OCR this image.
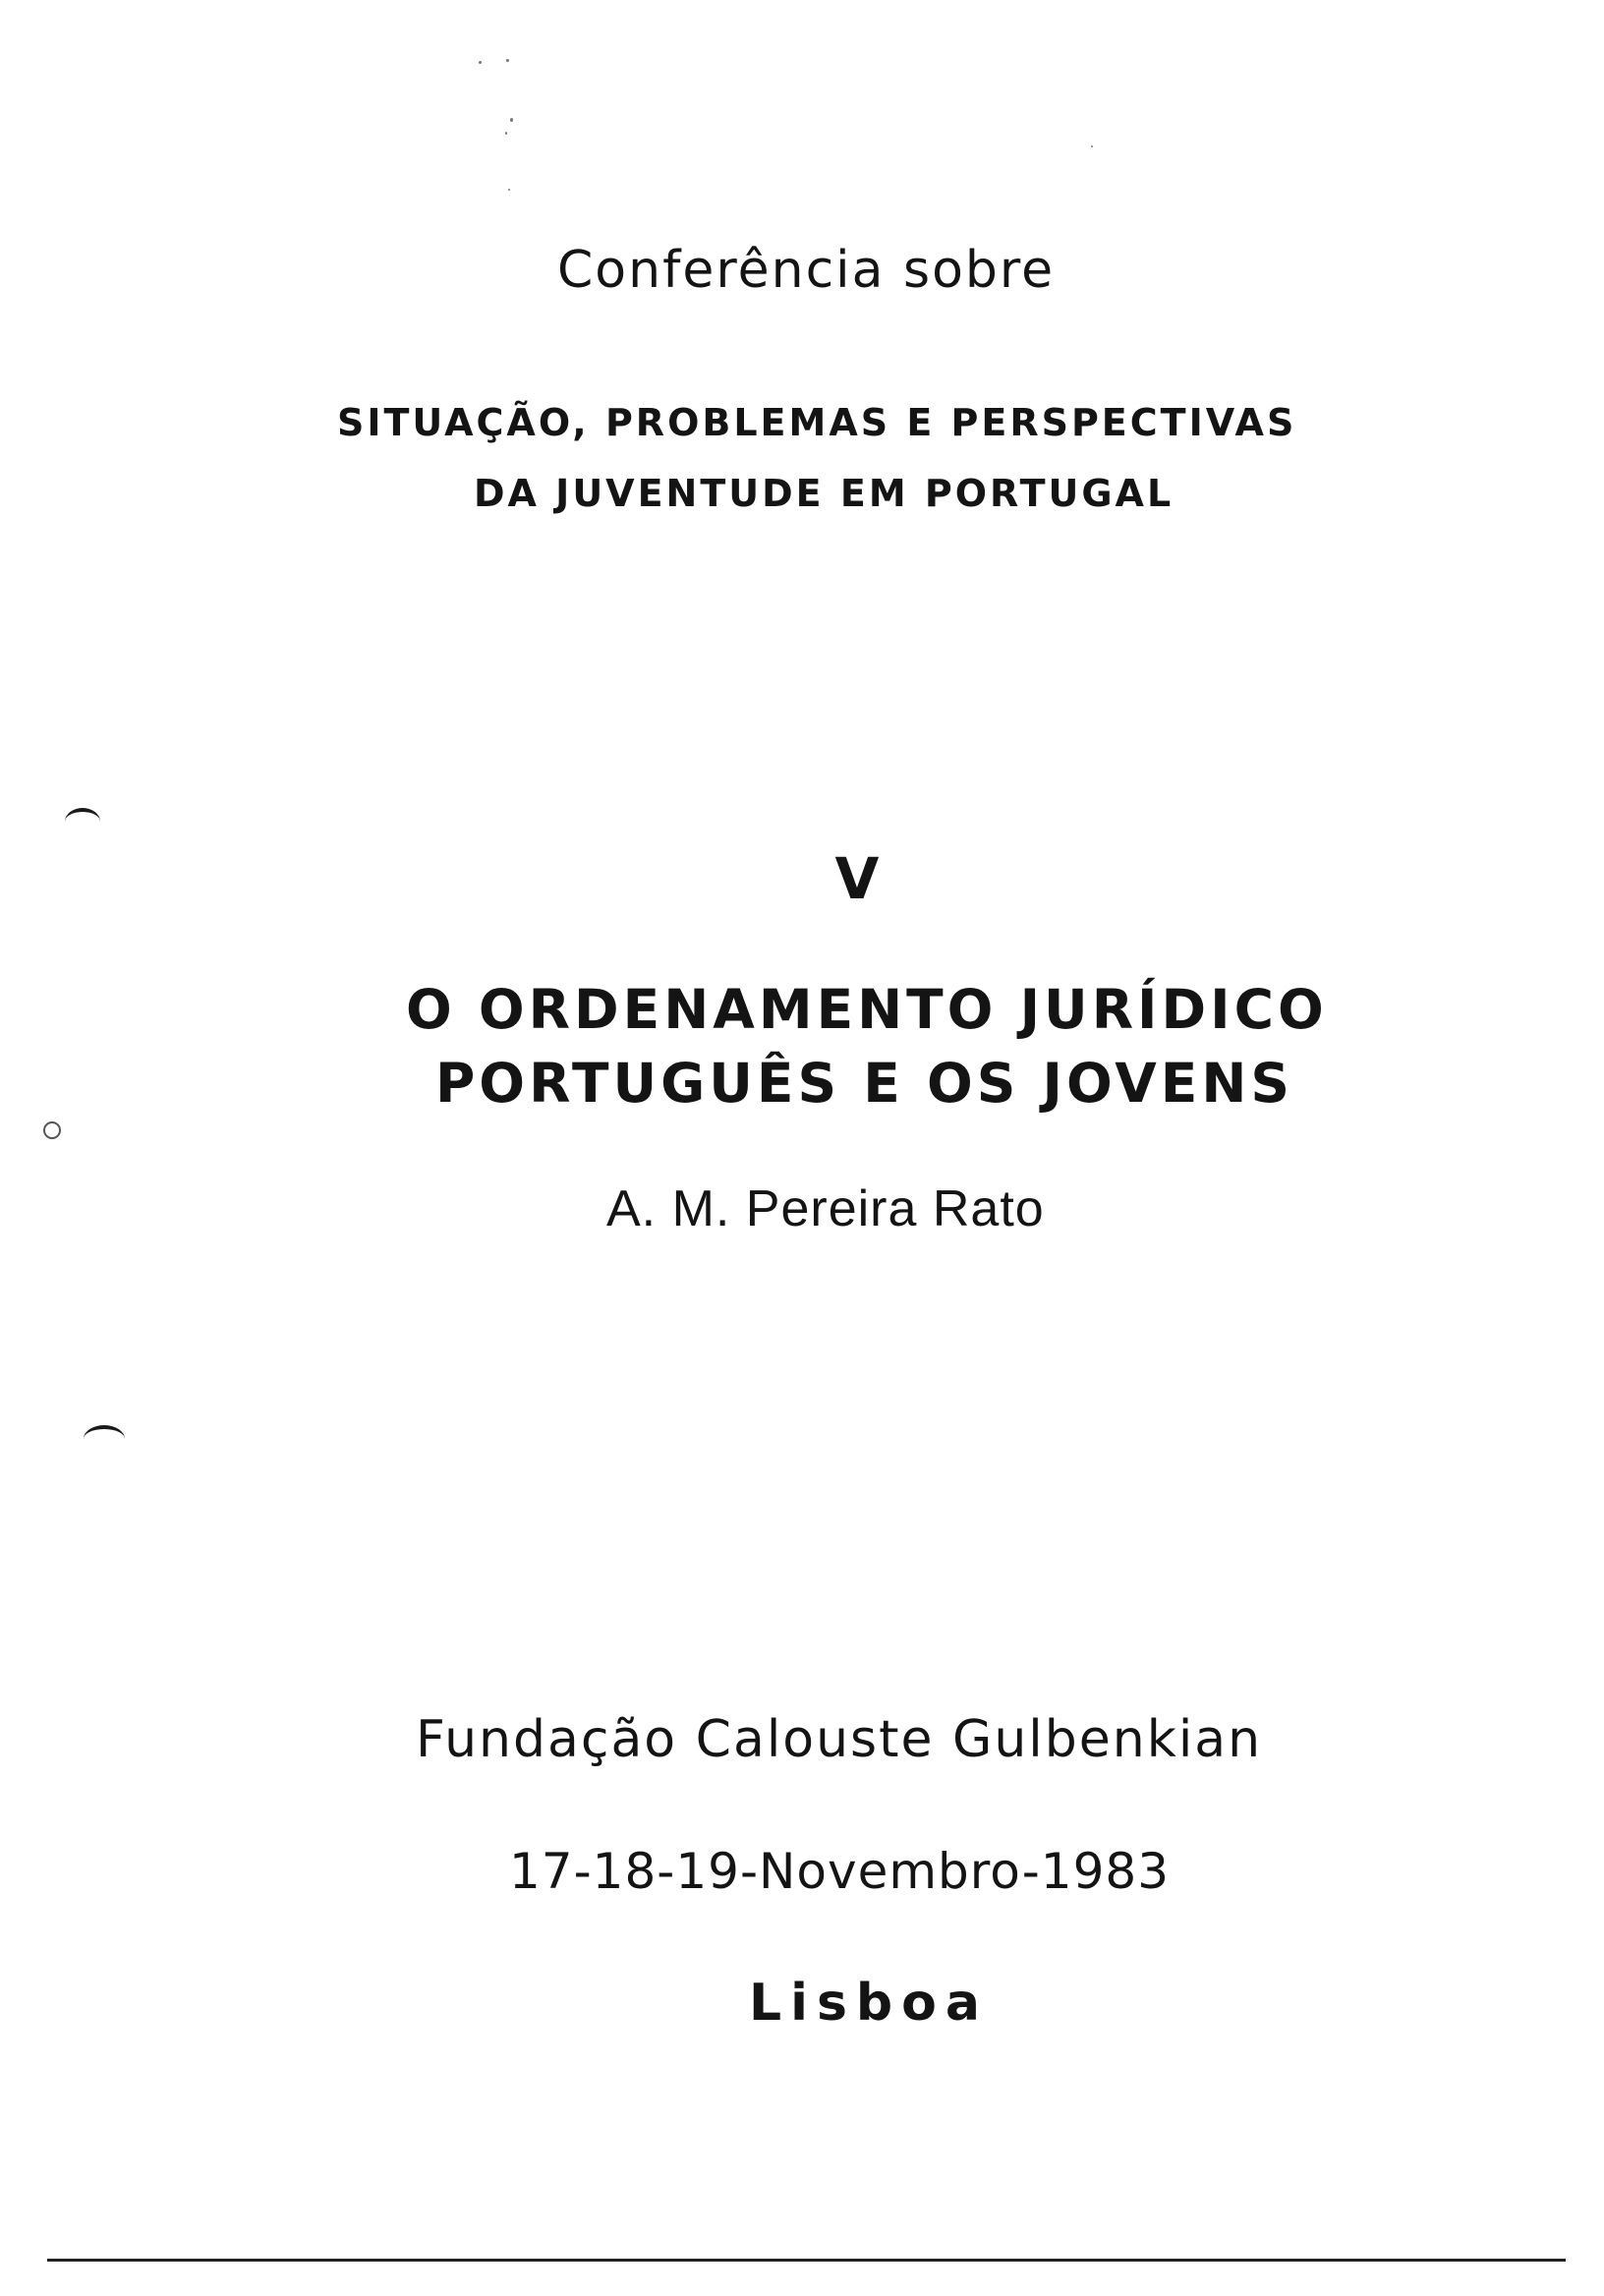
Conferência sobre

SITUAÇÃO, PROBLEMAS E PERSPECTIVAS

DA JUVENTUDE EM PORTUGAL

V

O ORDENAMENTO JURÍDICO

PORTUGUÊS E OS JOVENS

A. M. Pereira Rato

Fundação Calouste Gulbenkian

17-18-19-Novembro-1983

Lisboa
